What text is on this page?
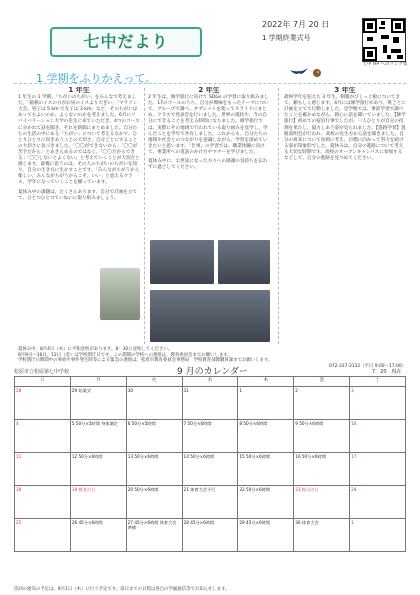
七中だより
2022年 7月 20 日
1 学期終業式号
七中 HP へのリンク集
1 学期をふりかえって。
1 年生
1 年生の 1 学期、「ちがいのちがい」をみんなで考えました。「箱根のイスの方がお昼のイスより大きい」「マラソン大会、男子は 5 km で女子は 3 km」など、そのちがいはあってもよいのか、よくないのかを考えました。6月にリバイバリーション大学の先生に来ていただき、4つのコースに分かれて話を聞き、それを新聞にまとめました。自分たちの生活の中にある「ちがい」について考えるなかで、ひとりひとりに向きあうことの大切さ、自分ごとにすることの大切さに気づきました。「〇〇ができないから」「〇〇が苦手だから」とあきらめるのではなく、「〇〇だからできる」「〇〇しないとよくない」と考えていくことが大切だと感じます。最後に思うのは、その人のちがいのちがいを知り、自分の生き方に生かすことです。「みんながちがうから楽しい。みんながちがうからこそ、いい」と思えるクラス、学年になっていくことを願っています。
夏休み中の課題は、たくさんあります。自分で計画を立てて、ひとつひとつていねいに取り組みましょう。
2 年生
2 年生は、修学旅行に向けて SDGs の学習に取り組みました。17のゴールのうち、自分が興味をもったテーマについて、グループで調べ、タブレットを使ってスライドにまとめ、クラスで発表会を行いました。世界の現状や、今の自分にできることを考える時間になりました。修学旅行では、実際にその地域で行われている取り組みを見学し、学んだことを学年で共有しました。これからも、自分たちの地域や社会とのつながりを意識しながら、学習を深めていきたいと思います。「仕事」の学習では、職業体験に向けて、事業所への電話のかけ方やマナーを学びました。
夏休み中に、お世話になった方々への感謝の気持ちを忘れずに過ごしてください。
3 年生
最終学年を迎えた 3 年生。制服がびしっと板についてきて、頼もしく感じます。4月には修学旅行があり、班ごとに計画を立てて行動しました。見学地では、事前学習で調べたことを確かめながら、熱心に話を聞いていました。【修学旅行】初めての宿泊行事でしたが、一人ひとりが自分の役割を果たし、協力しあう姿が見られました。【進路学習】進路説明会が行われ、高校の先生方から話を聞きました。自分の将来について真剣に考え、目標に向かって努力を続ける姿が印象的でした。夏休みは、自分の進路について考える大切な時期です。高校のオープンキャンパスに参加するなどして、自分の進路を見つめてください。
夏休み中、8月4日（木）に平和登校があります。8：30に登校してください。
8月9日〜16日、12日（金）は学校閉庁日です。この期間の学校への連絡は、教育委員会までお願いします。
学校閉庁日期間中の事故や事件発生時等による緊急の連絡は、松原市教育委員会事務局　学校教育部教職員課までお願いします。
072-337-3132（平日 9:00〜17:00）
松原市立松原第七中学校	9 月のカレンダー	7．20　現在
日	月	火	水	木	金	土
28	29 始業式	30	31	1	2	3
4	5 50分×5時間 身体測定	6 50分×5時間	7 50分×6時間	8 50分×6時間	9 50分×6時間	10
11	12 50分×6時間	13 50分×6時間	14 50分×6時間	15 50分×6時間	16 50分×6時間	17
18	19 敬老の日	20 50分×6時間	21 体育大会予行	22 50分×6時間	23 秋分の日	24
25	26 45分×6時間	27 45分×6時間 体育大会準備	28 45分×6時間	29 45分×6時間	30 体育大会	1
次回の頒布の予定は、9月1日（木）に行う予定です。前日までの日程は各自の学級通信等でお知らせします。
